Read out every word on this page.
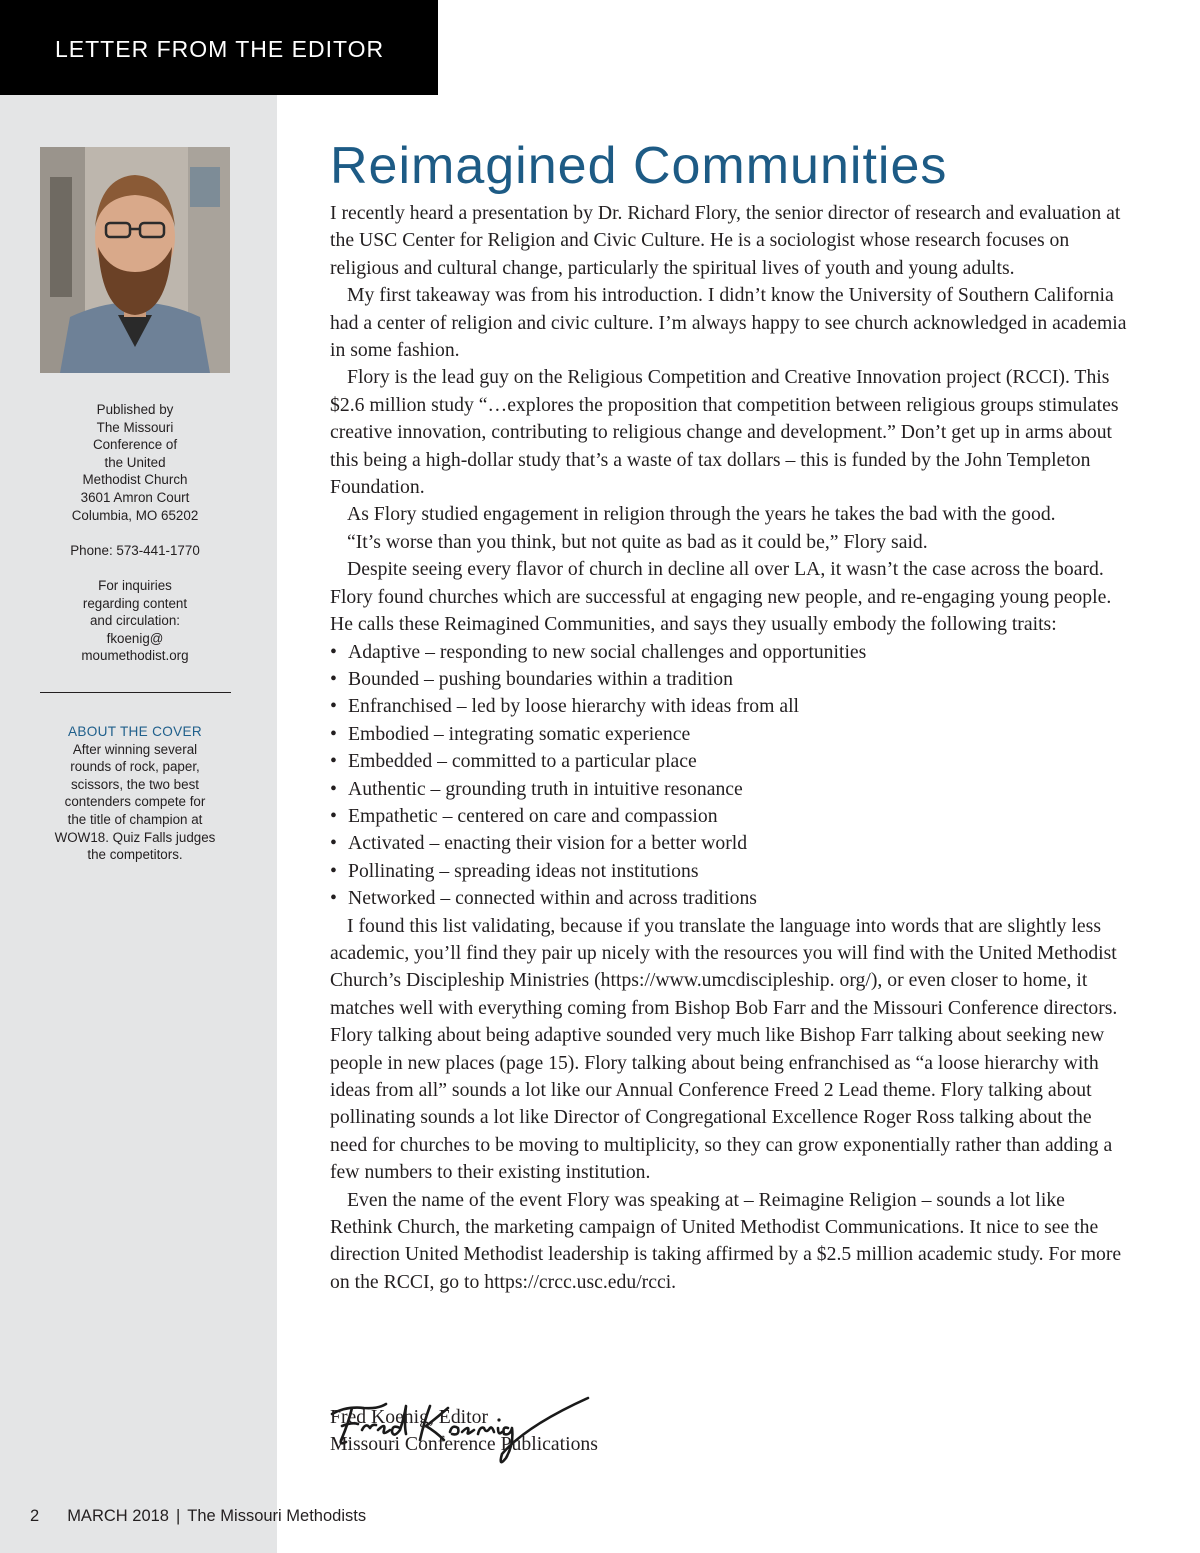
LETTER FROM THE EDITOR

Published by
The Missouri
Conference of
the United
Methodist Church
3601 Amron Court
Columbia, MO 65202

Phone: 573-441-1770

For inquiries
regarding content
and circulation:
fkoenig@
moumethodist.org

ABOUT THE COVER
After winning several
rounds of rock, paper,
scissors, the two best
contenders compete for
the title of champion at
WOW18. Quiz Falls judges
the competitors.
Reimagined Communities

I recently heard a presentation by Dr. Richard Flory, the senior director of research and evaluation at the USC Center for Religion and Civic Culture. He is a sociologist whose research focuses on religious and cultural change, particularly the spiritual lives of youth and young adults.

My first takeaway was from his introduction. I didn’t know the University of Southern California had a center of religion and civic culture. I’m always happy to see church acknowledged in academia in some fashion.

Flory is the lead guy on the Religious Competition and Creative Innovation project (RCCI). This $2.6 million study “…explores the proposition that competition between religious groups stimulates creative innovation, contributing to religious change and development.” Don’t get up in arms about this being a high-dollar study that’s a waste of tax dollars – this is funded by the John Templeton Foundation.

As Flory studied engagement in religion through the years he takes the bad with the good.

“It’s worse than you think, but not quite as bad as it could be,” Flory said.

Despite seeing every flavor of church in decline all over LA, it wasn’t the case across the board. Flory found churches which are successful at engaging new people, and re-engaging young people. He calls these Reimagined Communities, and says they usually embody the following traits:

• Adaptive – responding to new social challenges and opportunities
• Bounded – pushing boundaries within a tradition
• Enfranchised – led by loose hierarchy with ideas from all
• Embodied – integrating somatic experience
• Embedded – committed to a particular place
• Authentic – grounding truth in intuitive resonance
• Empathetic – centered on care and compassion
• Activated – enacting their vision for a better world
• Pollinating – spreading ideas not institutions
• Networked – connected within and across traditions

I found this list validating, because if you translate the language into words that are slightly less academic, you’ll find they pair up nicely with the resources you will find with the United Methodist Church’s Discipleship Ministries (https://www.umcdiscipleship. org/), or even closer to home, it matches well with everything coming from Bishop Bob Farr and the Missouri Conference directors. Flory talking about being adaptive sounded very much like Bishop Farr talking about seeking new people in new places (page 15). Flory talking about being enfranchised as “a loose hierarchy with ideas from all” sounds a lot like our Annual Conference Freed 2 Lead theme. Flory talking about pollinating sounds a lot like Director of Congregational Excellence Roger Ross talking about the need for churches to be moving to multiplicity, so they can grow exponentially rather than adding a few numbers to their existing institution.

Even the name of the event Flory was speaking at – Reimagine Religion – sounds a lot like Rethink Church, the marketing campaign of United Methodist Communications. It nice to see the direction United Methodist leadership is taking affirmed by a $2.5 million academic study. For more on the RCCI, go to https://crcc.usc.edu/rcci.

Fred Koenig, Editor
Missouri Conference Publications
2 MARCH 2018 | The Missouri Methodists
